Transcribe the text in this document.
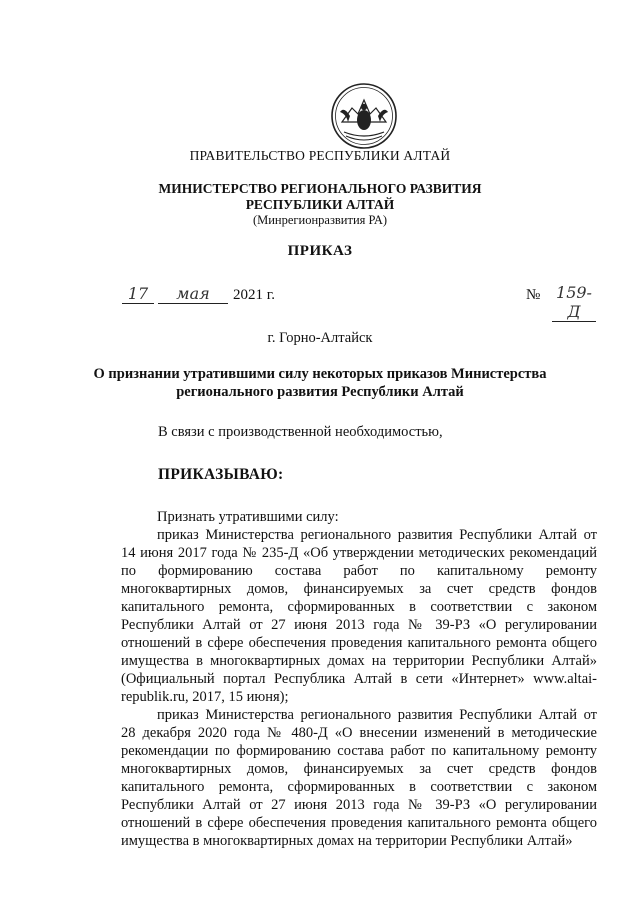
ПРАВИТЕЛЬСТВО РЕСПУБЛИКИ АЛТАЙ
МИНИСТЕРСТВО РЕГИОНАЛЬНОГО РАЗВИТИЯ
РЕСПУБЛИКИ АЛТАЙ
(Минрегионразвития РА)
ПРИКАЗ
17	мая	2021 г.	№ 159-Д
г. Горно-Алтайск
О признании утратившими силу некоторых приказов Министерства регионального развития Республики Алтай
В связи с производственной необходимостью,
ПРИКАЗЫВАЮ:

Признать утратившими силу:

приказ Министерства регионального развития Республики Алтай от 14 июня 2017 года № 235-Д «Об утверждении методических рекомендаций по формированию состава работ по капитальному ремонту многоквартирных домов, финансируемых за счет средств фондов капитального ремонта, сформированных в соответствии с законом Республики Алтай от 27 июня 2013 года № 39-РЗ «О регулировании отношений в сфере обеспечения проведения капитального ремонта общего имущества в многоквартирных домах на территории Республики Алтай» (Официальный портал Республика Алтай в сети «Интернет» www.altai-republik.ru, 2017, 15 июня);

приказ Министерства регионального развития Республики Алтай от 28 декабря 2020 года № 480-Д «О внесении изменений в методические рекомендации по формированию состава работ по капитальному ремонту многоквартирных домов, финансируемых за счет средств фондов капитального ремонта, сформированных в соответствии с законом Республики Алтай от 27 июня 2013 года № 39-РЗ «О регулировании отношений в сфере обеспечения проведения капитального ремонта общего имущества в многоквартирных домах на территории Республики Алтай»
